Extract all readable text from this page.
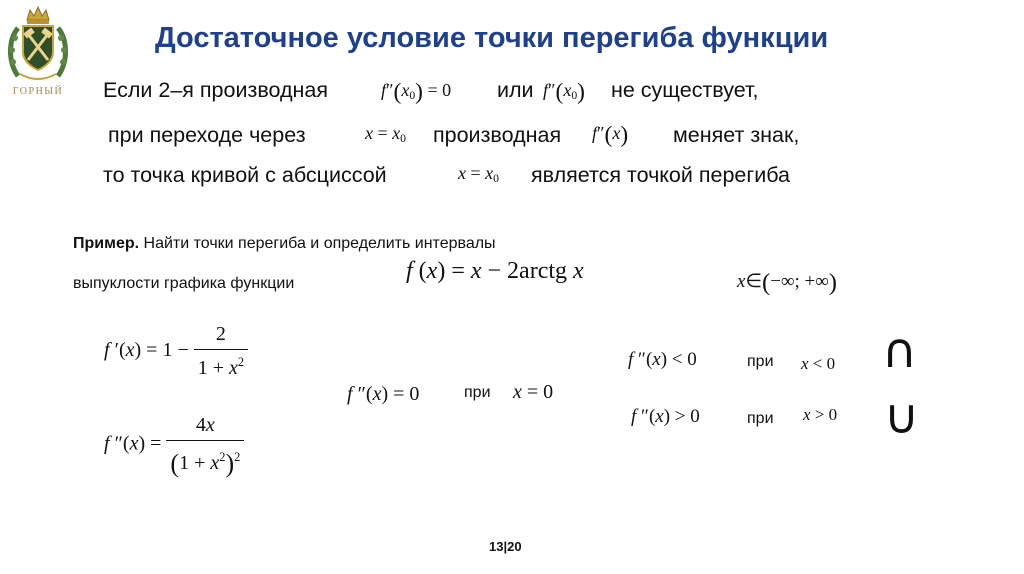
ГОРНЫЙ
Достаточное условие точки перегиба функции
Если 2–я производная	$f''(x_0) = 0$ или $f''(x_0)$ не существует,
при переходе через	$x = x_0$ производная f″(x) меняет знак,
то точка кривой с абсциссой	$x = x_0$ является точкой перегиба
Пример. Найти точки перегиба и определить интервалы
выпуклости графика функции	f (x) = x − 2arctg x	x∈(−∞; +∞)
f $'(x) = 1 - \frac{2}{1 + x^2}$
f $''(x) = \frac{4x}{(1 + x^2)^2}$
f ″(x) = 0	при x = 0
f ″(x) < 0	при x < 0 ∩
f ″(x) > 0	при x > 0 ∪
13|20
